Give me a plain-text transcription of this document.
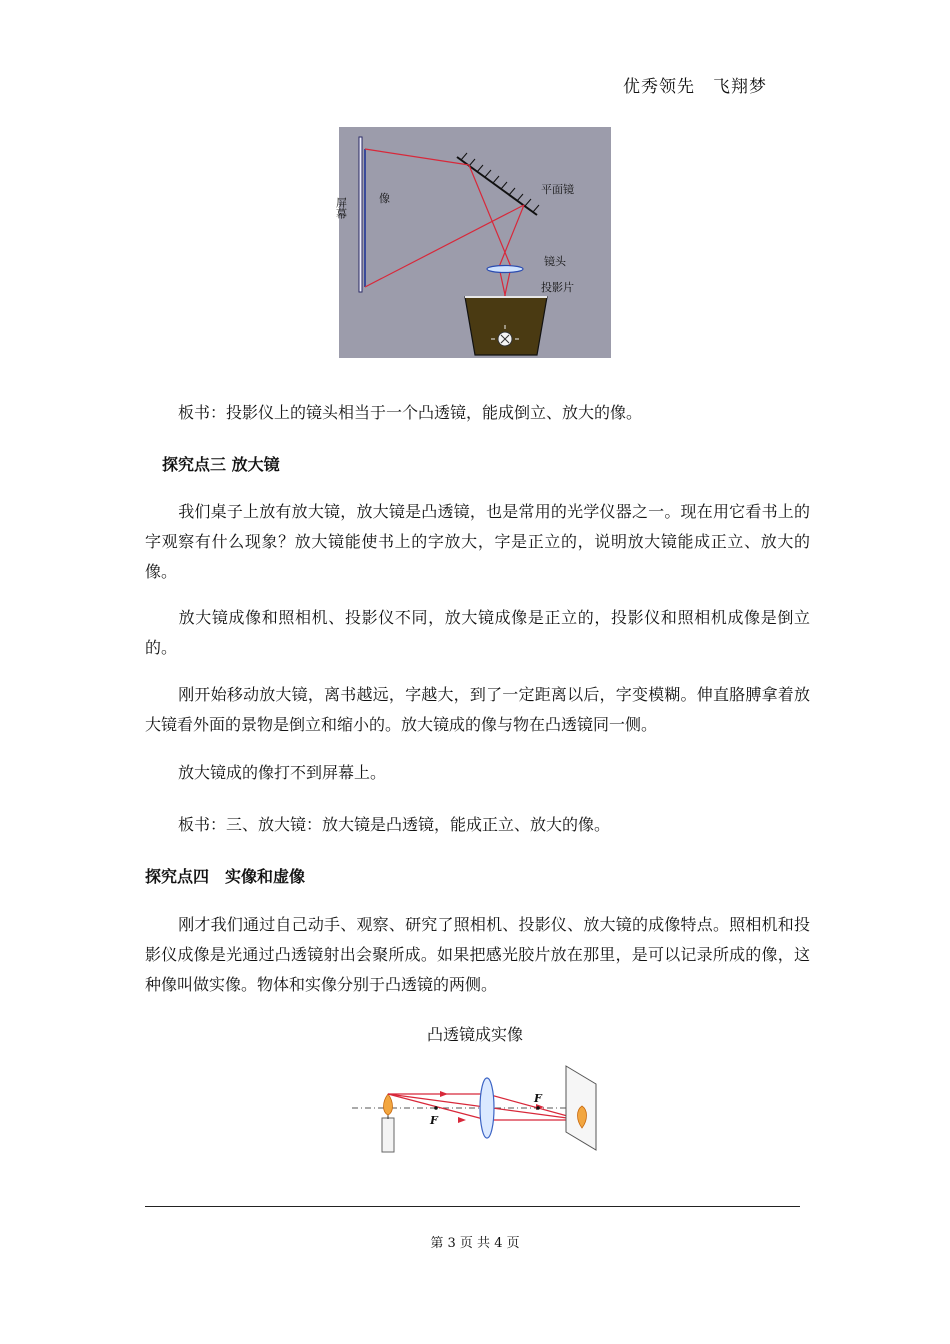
优秀领先　飞翔梦
屏幕	像
平面镜
镜头
投影片
板书：投影仪上的镜头相当于一个凸透镜，能成倒立、放大的像。
探究点三 放大镜
我们桌子上放有放大镜，放大镜是凸透镜，也是常用的光学仪器之一。现在用它看书上的字观察有什么现象？放大镜能使书上的字放大，字是正立的，说明放大镜能成正立、放大的像。
放大镜成像和照相机、投影仪不同，放大镜成像是正立的，投影仪和照相机成像是倒立的。
刚开始移动放大镜，离书越远，字越大，到了一定距离以后，字变模糊。伸直胳膊拿着放大镜看外面的景物是倒立和缩小的。放大镜成的像与物在凸透镜同一侧。
放大镜成的像打不到屏幕上。
板书：三、放大镜：放大镜是凸透镜，能成正立、放大的像。
探究点四　实像和虚像
刚才我们通过自己动手、观察、研究了照相机、投影仪、放大镜的成像特点。照相机和投影仪成像是光通过凸透镜射出会聚所成。如果把感光胶片放在那里，是可以记录所成的像，这种像叫做实像。物体和实像分别于凸透镜的两侧。
凸透镜成实像
F
F
第 3 页 共 4 页
